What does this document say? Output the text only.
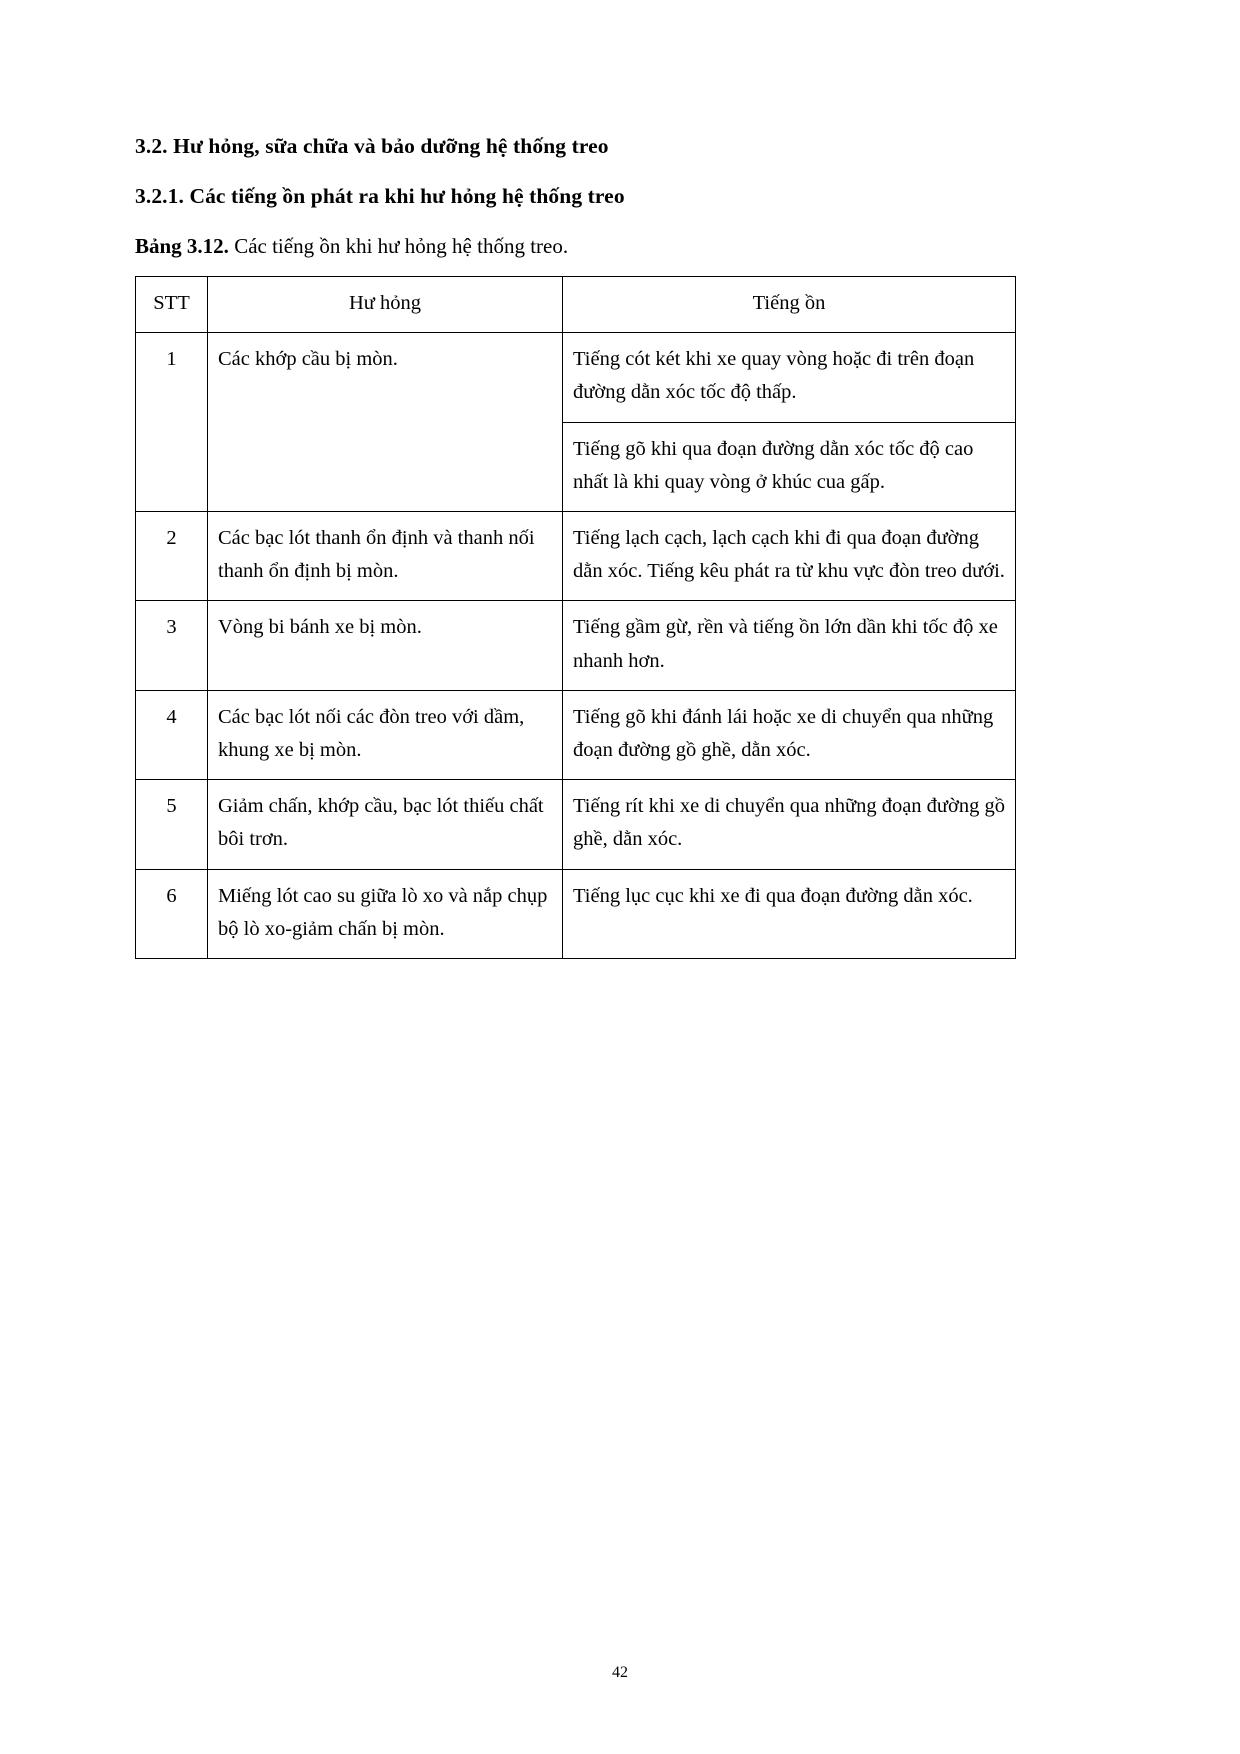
3.2. Hư hỏng, sữa chữa và bảo dưỡng hệ thống treo
3.2.1. Các tiếng ồn phát ra khi hư hỏng hệ thống treo

Bảng 3.12. Các tiếng ồn khi hư hỏng hệ thống treo.

STT	Hư hỏng	Tiếng ồn
1	Các khớp cầu bị mòn.	Tiếng cót két khi xe quay vòng hoặc đi trên đoạn đường dằn xóc tốc độ thấp.
		Tiếng gõ khi qua đoạn đường dằn xóc tốc độ cao nhất là khi quay vòng ở khúc cua gấp.
2	Các bạc lót thanh ổn định và thanh nối thanh ổn định bị mòn.	Tiếng lạch cạch, lạch cạch khi đi qua đoạn đường dằn xóc. Tiếng kêu phát ra từ khu vực đòn treo dưới.
3	Vòng bi bánh xe bị mòn.	Tiếng gầm gừ, rền và tiếng ồn lớn dần khi tốc độ xe nhanh hơn.
4	Các bạc lót nối các đòn treo với dầm, khung xe bị mòn.	Tiếng gõ khi đánh lái hoặc xe di chuyển qua những đoạn đường gồ ghề, dằn xóc.
5	Giảm chấn, khớp cầu, bạc lót thiếu chất bôi trơn.	Tiếng rít khi xe di chuyển qua những đoạn đường gồ ghề, dằn xóc.
6	Miếng lót cao su giữa lò xo và nắp chụp bộ lò xo-giảm chấn bị mòn.	Tiếng lục cục khi xe đi qua đoạn đường dằn xóc.
42
